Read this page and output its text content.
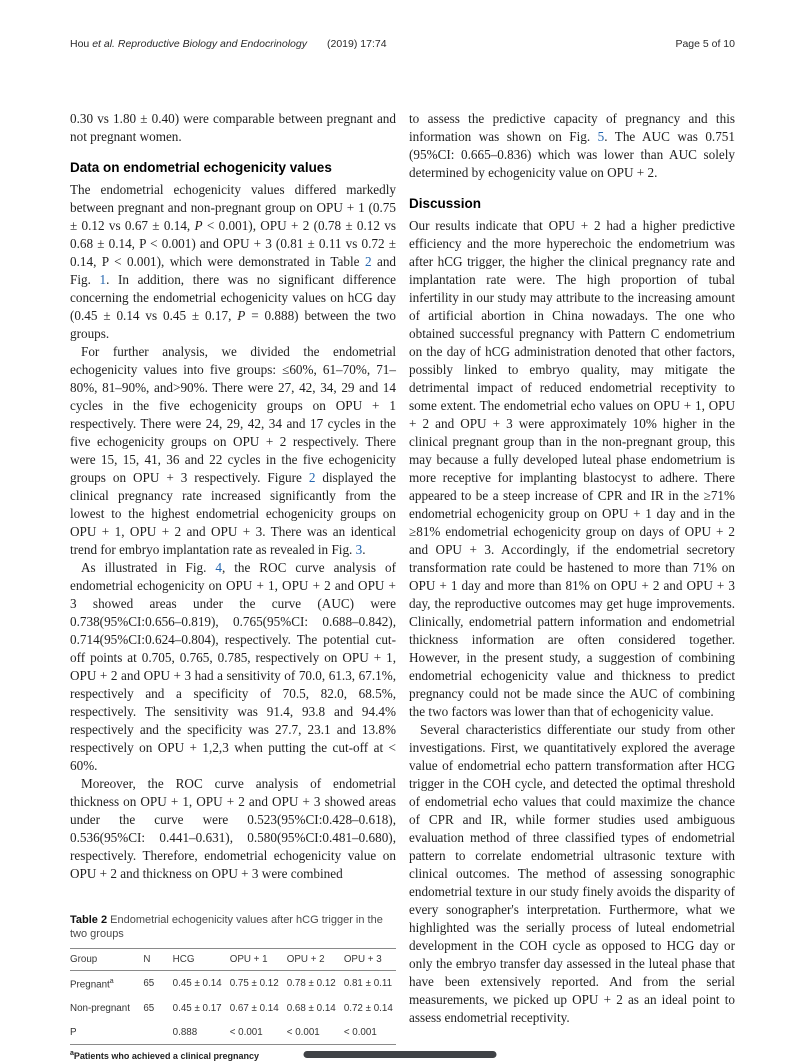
Hou et al. Reproductive Biology and Endocrinology (2019) 17:74	Page 5 of 10

0.30 vs 1.80 ± 0.40) were comparable between pregnant and not pregnant women.

Data on endometrial echogenicity values

The endometrial echogenicity values differed markedly between pregnant and non-pregnant group on OPU + 1 (0.75 ± 0.12 vs 0.67 ± 0.14, P < 0.001), OPU + 2 (0.78 ± 0.12 vs 0.68 ± 0.14, P < 0.001) and OPU + 3 (0.81 ± 0.11 vs 0.72 ± 0.14, P < 0.001), which were demonstrated in Table 2 and Fig. 1. In addition, there was no significant difference concerning the endometrial echogenicity values on hCG day (0.45 ± 0.14 vs 0.45 ± 0.17, P = 0.888) between the two groups.

For further analysis, we divided the endometrial echogenicity values into five groups: ≤60%, 61–70%, 71–80%, 81–90%, and>90%. There were 27, 42, 34, 29 and 14 cycles in the five echogenicity groups on OPU + 1 respectively. There were 24, 29, 42, 34 and 17 cycles in the five echogenicity groups on OPU + 2 respectively. There were 15, 15, 41, 36 and 22 cycles in the five echogenicity groups on OPU + 3 respectively. Figure 2 displayed the clinical pregnancy rate increased significantly from the lowest to the highest endometrial echogenicity groups on OPU + 1, OPU + 2 and OPU + 3. There was an identical trend for embryo implantation rate as revealed in Fig. 3.

As illustrated in Fig. 4, the ROC curve analysis of endometrial echogenicity on OPU + 1, OPU + 2 and OPU + 3 showed areas under the curve (AUC) were 0.738(95%CI:0.656–0.819), 0.765(95%CI: 0.688–0.842), 0.714(95%CI:0.624–0.804), respectively. The potential cut-off points at 0.705, 0.765, 0.785, respectively on OPU + 1, OPU + 2 and OPU + 3 had a sensitivity of 70.0, 61.3, 67.1%, respectively and a specificity of 70.5, 82.0, 68.5%, respectively. The sensitivity was 91.4, 93.8 and 94.4% respectively and the specificity was 27.7, 23.1 and 13.8% respectively on OPU + 1,2,3 when putting the cut-off at < 60%.

Moreover, the ROC curve analysis of endometrial thickness on OPU + 1, OPU + 2 and OPU + 3 showed areas under the curve were 0.523(95%CI:0.428–0.618), 0.536(95%CI: 0.441–0.631), 0.580(95%CI:0.481–0.680), respectively. Therefore, endometrial echogenicity value on OPU + 2 and thickness on OPU + 3 were combined

Table 2 Endometrial echogenicity values after hCG trigger in the two groups
Group	N	HCG	OPU + 1	OPU + 2	OPU + 3
Pregnant$^a$	65	0.45 ± 0.14	0.75 ± 0.12	0.78 ± 0.12	0.81 ± 0.11
Non-pregnant	65	0.45 ± 0.17	0.67 ± 0.14	0.68 ± 0.14	0.72 ± 0.14
P		0.888	< 0.001	< 0.001	< 0.001
$^a$Patients who achieved a clinical pregnancy

to assess the predictive capacity of pregnancy and this information was shown on Fig. 5. The AUC was 0.751 (95%CI: 0.665–0.836) which was lower than AUC solely determined by echogenicity value on OPU + 2.

Discussion

Our results indicate that OPU + 2 had a higher predictive efficiency and the more hyperechoic the endometrium was after hCG trigger, the higher the clinical pregnancy rate and implantation rate were. The high proportion of tubal infertility in our study may attribute to the increasing amount of artificial abortion in China nowadays. The one who obtained successful pregnancy with Pattern C endometrium on the day of hCG administration denoted that other factors, possibly linked to embryo quality, may mitigate the detrimental impact of reduced endometrial receptivity to some extent. The endometrial echo values on OPU + 1, OPU + 2 and OPU + 3 were approximately 10% higher in the clinical pregnant group than in the non-pregnant group, this may because a fully developed luteal phase endometrium is more receptive for implanting blastocyst to adhere. There appeared to be a steep increase of CPR and IR in the ≥71% endometrial echogenicity group on OPU + 1 day and in the ≥81% endometrial echogenicity group on days of OPU + 2 and OPU + 3. Accordingly, if the endometrial secretory transformation rate could be hastened to more than 71% on OPU + 1 day and more than 81% on OPU + 2 and OPU + 3 day, the reproductive outcomes may get huge improvements. Clinically, endometrial pattern information and endometrial thickness information are often considered together. However, in the present study, a suggestion of combining endometrial echogenicity value and thickness to predict pregnancy could not be made since the AUC of combining the two factors was lower than that of echogenicity value.

Several characteristics differentiate our study from other investigations. First, we quantitatively explored the average value of endometrial echo pattern transformation after HCG trigger in the COH cycle, and detected the optimal threshold of endometrial echo values that could maximize the chance of CPR and IR, while former studies used ambiguous evaluation method of three classified types of endometrial pattern to correlate endometrial ultrasonic texture with clinical outcomes. The method of assessing sonographic endometrial texture in our study finely avoids the disparity of every sonographer's interpretation. Furthermore, what we highlighted was the serially process of luteal endometrial development in the COH cycle as opposed to HCG day or only the embryo transfer day assessed in the luteal phase that have been extensively reported. And from the serial measurements, we picked up OPU + 2 as an ideal point to assess endometrial receptivity.
